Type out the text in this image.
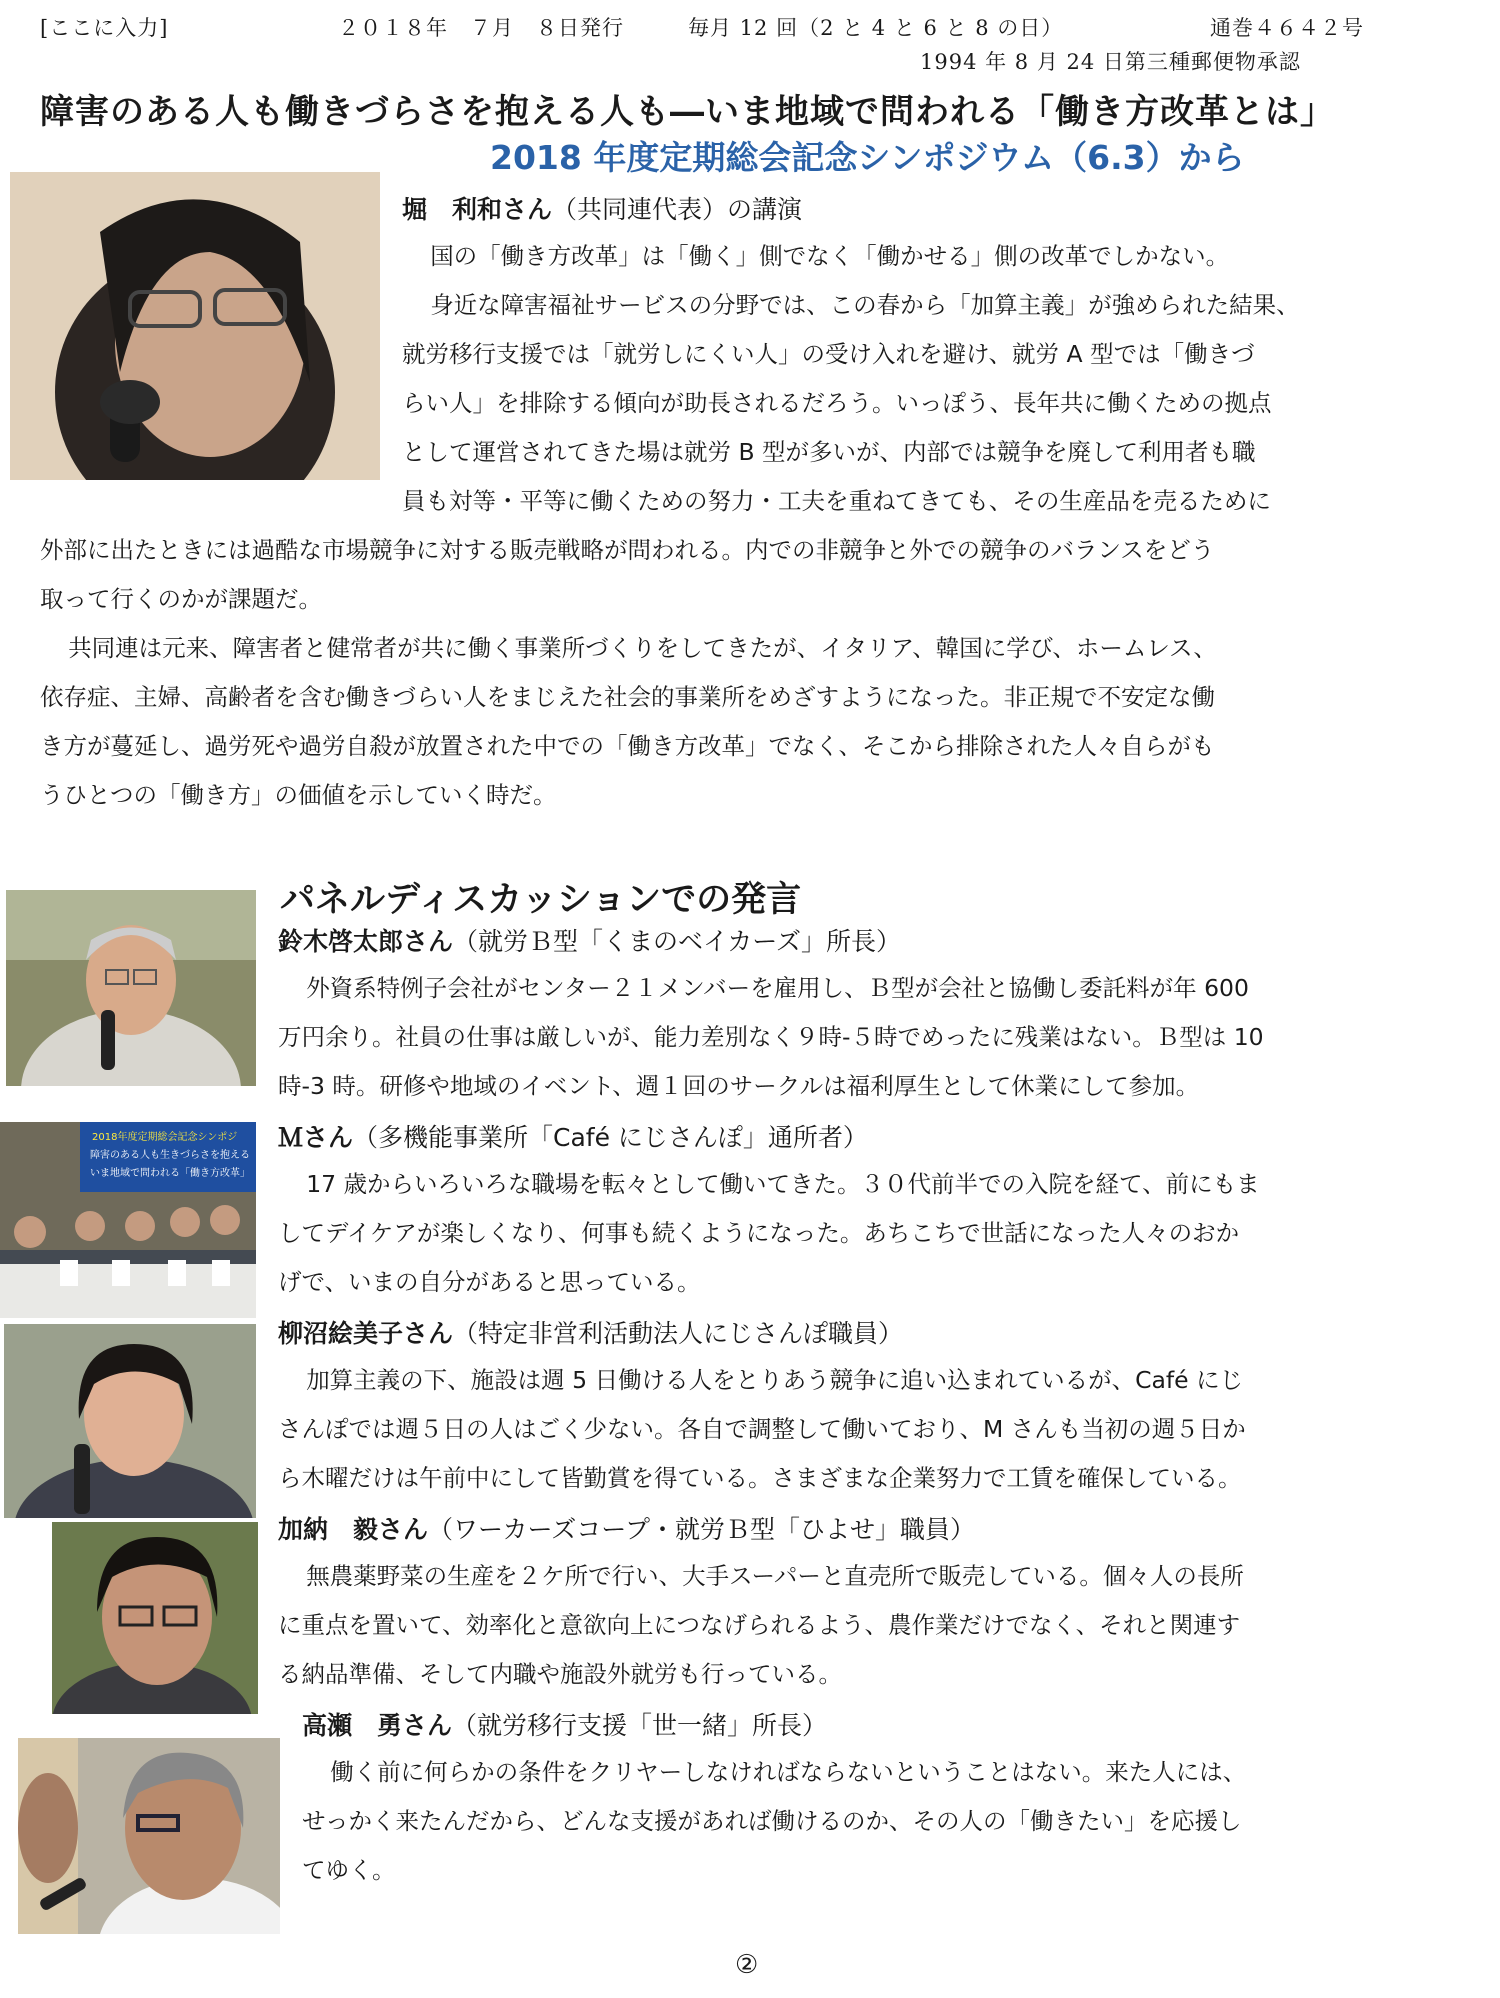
[ここに入力]	２０１８年　７月　８日発行	毎月 12 回（2 と 4 と 6 と 8 の日）	通巻４６４２号
1994 年 8 月 24 日第三種郵便物承認
障害のある人も働きづらさを抱える人も―いま地域で問われる「働き方改革とは」
2018 年度定期総会記念シンポジウム（6.3）から
堀　利和さん（共同連代表）の講演

国の「働き方改革」は「働く」側でなく「働かせる」側の改革でしかない。

身近な障害福祉サービスの分野では、この春から「加算主義」が強められた結果、

就労移行支援では「就労しにくい人」の受け入れを避け、就労 A 型では「働きづ

らい人」を排除する傾向が助長されるだろう。いっぽう、長年共に働くための拠点

として運営されてきた場は就労 B 型が多いが、内部では競争を廃して利用者も職

員も対等・平等に働くための努力・工夫を重ねてきても、その生産品を売るために

外部に出たときには過酷な市場競争に対する販売戦略が問われる。内での非競争と外での競争のバランスをどう

取って行くのかが課題だ。

共同連は元来、障害者と健常者が共に働く事業所づくりをしてきたが、イタリア、韓国に学び、ホームレス、

依存症、主婦、高齢者を含む働きづらい人をまじえた社会的事業所をめざすようになった。非正規で不安定な働

き方が蔓延し、過労死や過労自殺が放置された中での「働き方改革」でなく、そこから排除された人々自らがも

うひとつの「働き方」の価値を示していく時だ。

パネルディスカッションでの発言
鈴木啓太郎さん（就労Ｂ型「くまのベイカーズ」所長）

外資系特例子会社がセンター２１メンバーを雇用し、Ｂ型が会社と協働し委託料が年 600

万円余り。社員の仕事は厳しいが、能力差別なく９時-５時でめったに残業はない。Ｂ型は 10

時-3 時。研修や地域のイベント、週１回のサークルは福利厚生として休業にして参加。

2018年度定期総会記念シンポジ
障害のある人も生きづらさを抱える
いま地域で問われる「働き方改革」
Ｍさん（多機能事業所「Café にじさんぽ」通所者）

17 歳からいろいろな職場を転々として働いてきた。３０代前半での入院を経て、前にもま

してデイケアが楽しくなり、何事も続くようになった。あちこちで世話になった人々のおか

げで、いまの自分があると思っている。

柳沼絵美子さん（特定非営利活動法人にじさんぽ職員）

加算主義の下、施設は週 5 日働ける人をとりあう競争に追い込まれているが、Café にじ

さんぽでは週５日の人はごく少ない。各自で調整して働いており、M さんも当初の週５日か

ら木曜だけは午前中にして皆勤賞を得ている。さまざまな企業努力で工賃を確保している。

加納　毅さん（ワーカーズコープ・就労Ｂ型「ひよせ」職員）

無農薬野菜の生産を２ケ所で行い、大手スーパーと直売所で販売している。個々人の長所

に重点を置いて、効率化と意欲向上につなげられるよう、農作業だけでなく、それと関連す

る納品準備、そして内職や施設外就労も行っている。

高瀬　勇さん（就労移行支援「世一緒」所長）

働く前に何らかの条件をクリヤーしなければならないということはない。来た人には、

せっかく来たんだから、どんな支援があれば働けるのか、その人の「働きたい」を応援し

てゆく。

②
